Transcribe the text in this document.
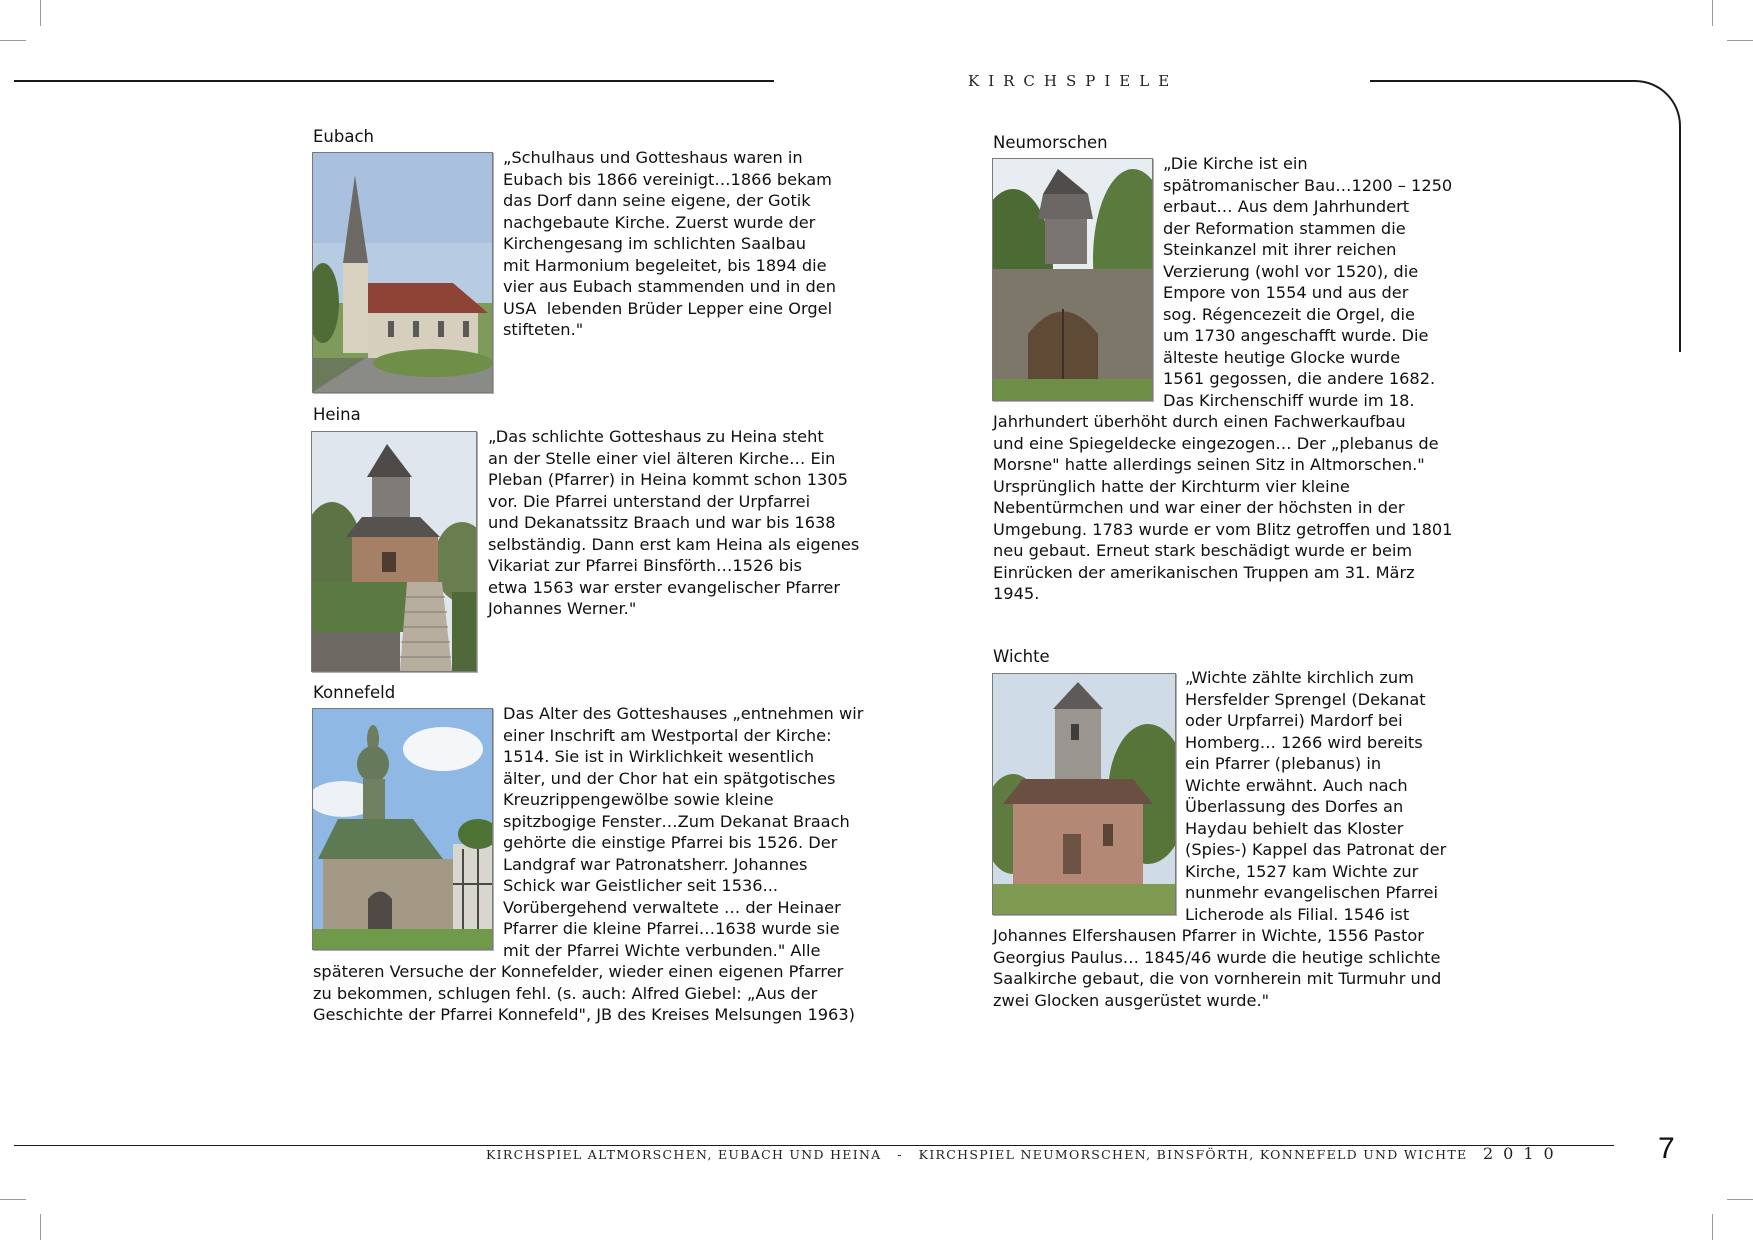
KIRCHSPIELE
Eubach

„Schulhaus und Gotteshaus waren in
Eubach bis 1866 vereinigt…1866 bekam
das Dorf dann seine eigene, der Gotik
nachgebaute Kirche. Zuerst wurde der
Kirchengesang im schlichten Saalbau
mit Harmonium begeleitet, bis 1894 die
vier aus Eubach stammenden und in den
USA  lebenden Brüder Lepper eine Orgel
stifteten."

Heina

„Das schlichte Gotteshaus zu Heina steht
an der Stelle einer viel älteren Kirche… Ein
Pleban (Pfarrer) in Heina kommt schon 1305
vor. Die Pfarrei unterstand der Urpfarrei
und Dekanatssitz Braach und war bis 1638
selbständig. Dann erst kam Heina als eigenes
Vikariat zur Pfarrei Binsförth…1526 bis
etwa 1563 war erster evangelischer Pfarrer
Johannes Werner."

Konnefeld

Das Alter des Gotteshauses „entnehmen wir
einer Inschrift am Westportal der Kirche:
1514. Sie ist in Wirklichkeit wesentlich
älter, und der Chor hat ein spätgotisches
Kreuzrippengewölbe sowie kleine
spitzbogige Fenster…Zum Dekanat Braach
gehörte die einstige Pfarrei bis 1526. Der
Landgraf war Patronatsherr. Johannes
Schick war Geistlicher seit 1536...
Vorübergehend verwaltete … der Heinaer
Pfarrer die kleine Pfarrei…1638 wurde sie
mit der Pfarrei Wichte verbunden." Alle

späteren Versuche der Konnefelder, wieder einen eigenen Pfarrer
zu bekommen, schlugen fehl. (s. auch: Alfred Giebel: „Aus der
Geschichte der Pfarrei Konnefeld", JB des Kreises Melsungen 1963)

Neumorschen

„Die Kirche ist ein
spätromanischer Bau…1200 – 1250
erbaut… Aus dem Jahrhundert
der Reformation stammen die
Steinkanzel mit ihrer reichen
Verzierung (wohl vor 1520), die
Empore von 1554 und aus der
sog. Régencezeit die Orgel, die
um 1730 angeschafft wurde. Die
älteste heutige Glocke wurde
1561 gegossen, die andere 1682.
Das Kirchenschiff wurde im 18.

Jahrhundert überhöht durch einen Fachwerkaufbau
und eine Spiegeldecke eingezogen… Der „plebanus de
Morsne" hatte allerdings seinen Sitz in Altmorschen."
Ursprünglich hatte der Kirchturm vier kleine
Nebentürmchen und war einer der höchsten in der
Umgebung. 1783 wurde er vom Blitz getroffen und 1801
neu gebaut. Erneut stark beschädigt wurde er beim
Einrücken der amerikanischen Truppen am 31. März
1945.

Wichte

„Wichte zählte kirchlich zum
Hersfelder Sprengel (Dekanat
oder Urpfarrei) Mardorf bei
Homberg… 1266 wird bereits
ein Pfarrer (plebanus) in
Wichte erwähnt. Auch nach
Überlassung des Dorfes an
Haydau behielt das Kloster
(Spies-) Kappel das Patronat der
Kirche, 1527 kam Wichte zur
nunmehr evangelischen Pfarrei
Licherode als Filial. 1546 ist

Johannes Elfershausen Pfarrer in Wichte, 1556 Pastor
Georgius Paulus… 1845/46 wurde die heutige schlichte
Saalkirche gebaut, die von vornherein mit Turmuhr und
zwei Glocken ausgerüstet wurde."

KIRCHSPIEL ALTMORSCHEN, EUBACH UND HEINA   -   KIRCHSPIEL NEUMORSCHEN, BINSFÖRTH, KONNEFELD UND WICHTE 2010	7
